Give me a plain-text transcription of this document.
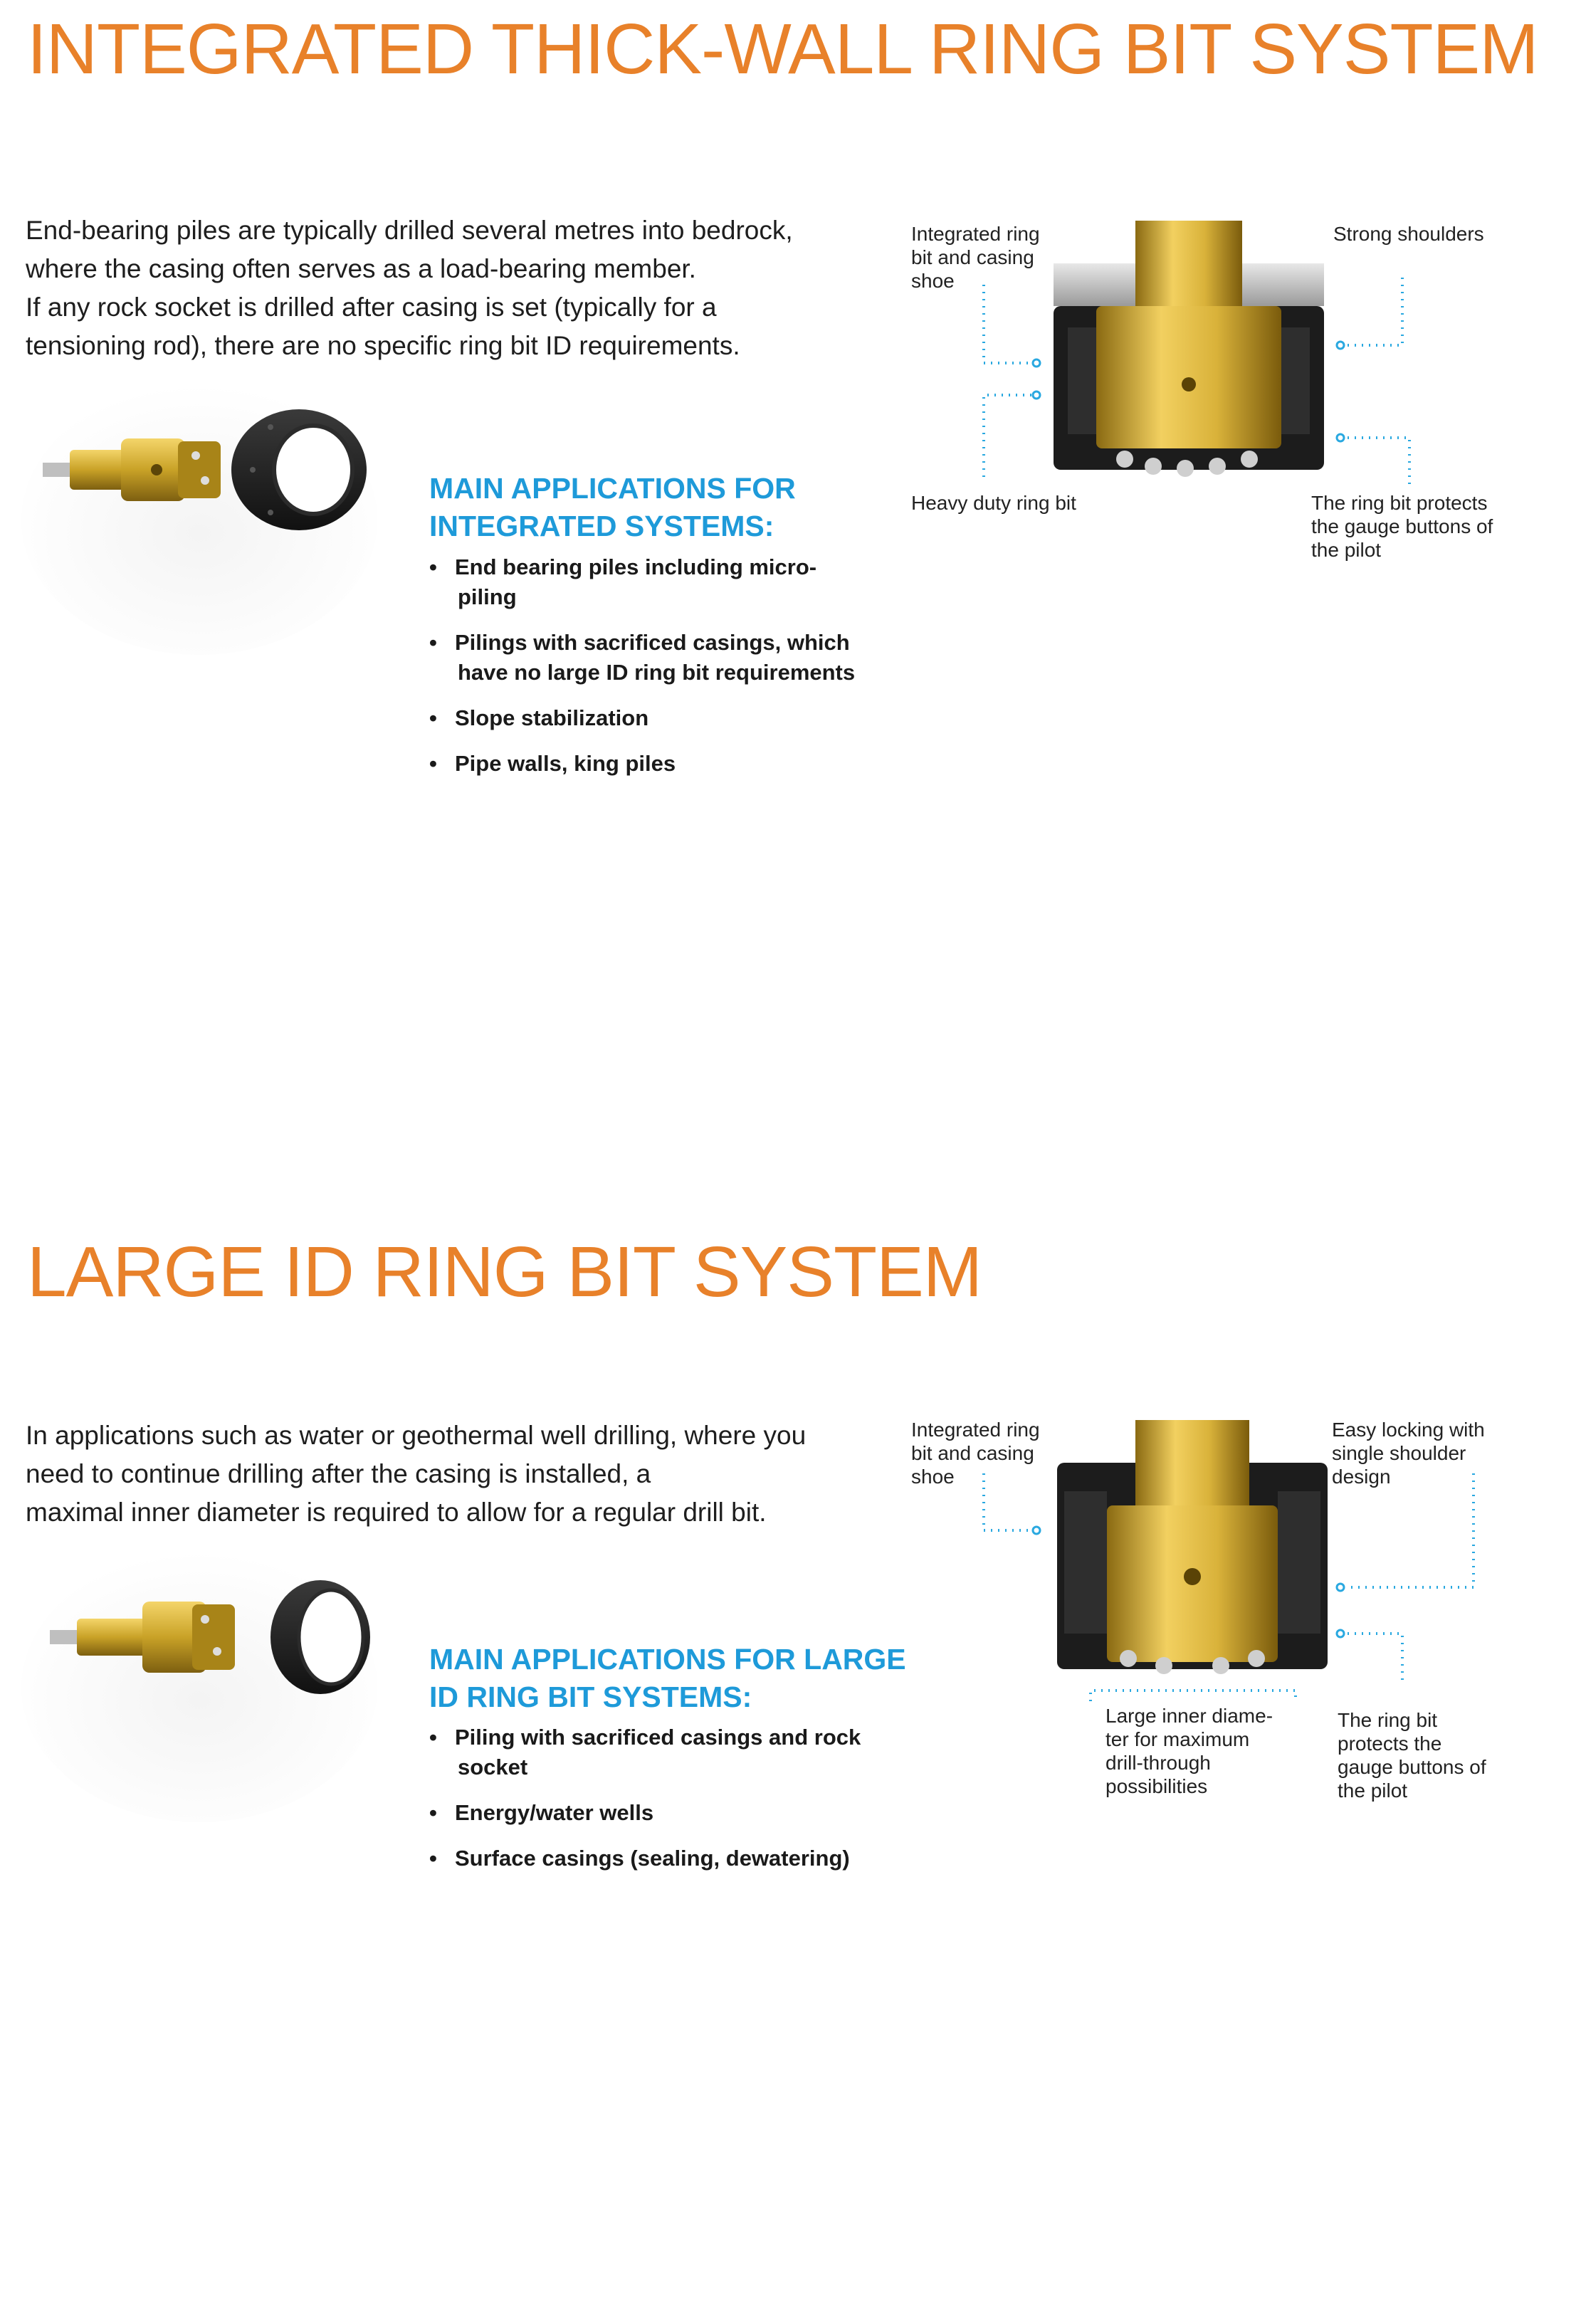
INTEGRATED THICK-WALL RING BIT SYSTEM

End-bearing piles are typically drilled several metres into bedrock,

where the casing often serves as a load-bearing member.

If any rock socket is drilled after casing is set (typically for a

tensioning rod), there are no specific ring bit ID requirements.

MAIN APPLICATIONS FOR
INTEGRATED SYSTEMS:
• End bearing piles including micro-
piling
• Pilings with sacrificed casings, which
have no large ID ring bit requirements
• Slope stabilization
• Pipe walls, king piles
Integrated ring
bit and casing
shoe
Strong shoulders
Heavy duty ring bit	The ring bit protects
the gauge buttons of
the pilot
LARGE ID RING BIT SYSTEM

In applications such as water or geothermal well drilling, where you

need to continue drilling after the casing is installed, a

maximal inner diameter is required to allow for a regular drill bit.

MAIN APPLICATIONS FOR LARGE
ID RING BIT SYSTEMS:
• Piling with sacrificed casings and rock
socket
• Energy/water wells
• Surface casings (sealing, dewatering)
Integrated ring
bit and casing
shoe
Easy locking with
single shoulder
design
Large inner diame-
ter for maximum
drill-through
possibilities
The ring bit
protects the
gauge buttons of
the pilot
